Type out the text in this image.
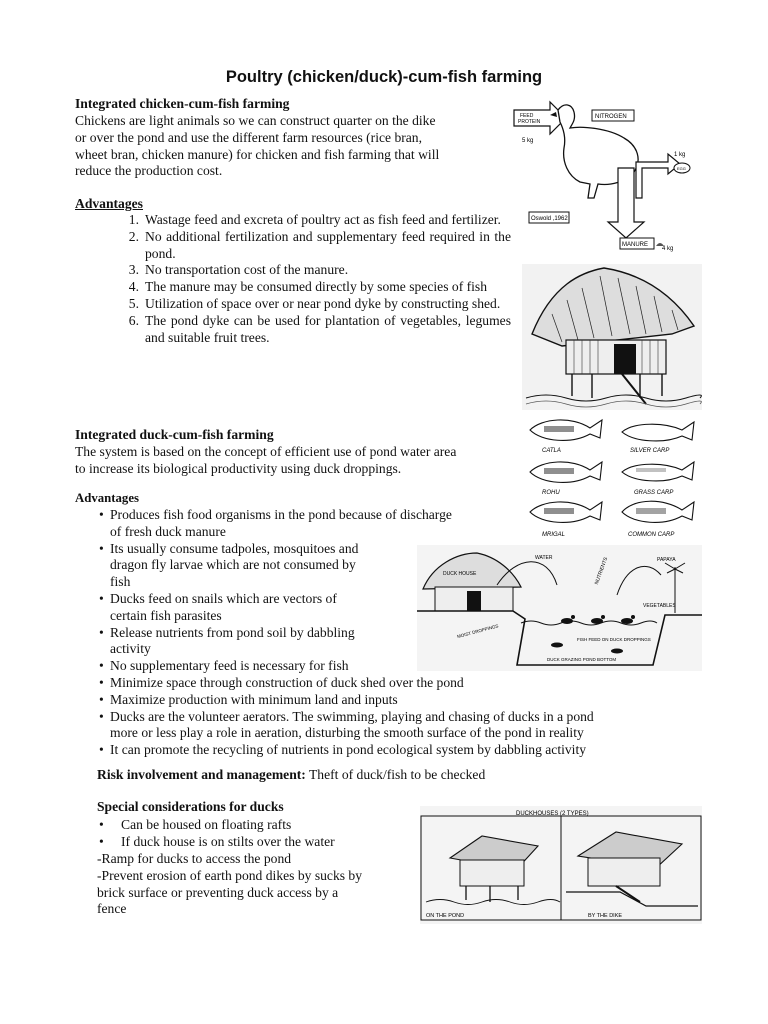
Poultry (chicken/duck)-cum-fish farming
Integrated chicken-cum-fish farming
Chickens are light animals so we can construct quarter on the dike
or over the pond and use the different farm resources (rice bran,
wheet bran, chicken manure) for chicken and fish farming that will
reduce the production cost.
Advantages
1. Wastage feed and excreta of poultry act as fish feed and fertilizer.
2. No additional fertilization and supplementary feed required in the pond.
3. No transportation cost of the manure.
4. The manure may be consumed directly by some species of fish
5. Utilization of space over or near pond dyke by constructing shed.
6. The pond dyke can be used for plantation of vegetables, legumes and suitable fruit trees.
Integrated duck-cum-fish farming
The system is based on the concept of efficient use of pond water area
to increase its biological productivity using duck droppings.
Advantages
• Produces fish food organisms in the pond because of discharge
of fresh duck manure
• Its usually consume tadpoles, mosquitoes and
dragon fly larvae which are not consumed by
fish
• Ducks feed on snails which are vectors of
certain fish parasites
• Release nutrients from pond soil by dabbling
activity
• No supplementary feed is necessary for fish
• Minimize space through construction of duck shed over the pond
• Maximize production with minimum land and inputs
• Ducks are the volunteer aerators. The swimming, playing and chasing of ducks in a pond
more or less play a role in aeration, disturbing the smooth surface of the pond in reality
• It can promote the recycling of nutrients in pond ecological system by dabbling activity
Risk involvement and management: Theft of duck/fish to be checked
Special considerations for ducks
• Can be housed on floating rafts
• If duck house is on stilts over the water
-Ramp for ducks to access the pond
-Prevent erosion of earth pond dikes by sucks by
brick surface or preventing duck access by a
fence
FEED
PROTEIN
5 kg
NITROGEN
1 kg
EGG
Oswold ,1962
MANURE
4 kg
CATLA	SILVER CARP
ROHU	GRASS CARP
MRIGAL	COMMON CARP
DUCK HOUSE
WATER	NUTRIENTS	PAPAYA
VEGETABLES
MOIST DROPPINGS
FISH FEED ON DUCK DROPPINGS
DUCK GRAZING POND BOTTOM
DUCKHOUSES (2 TYPES)
ON THE POND	BY THE DIKE
